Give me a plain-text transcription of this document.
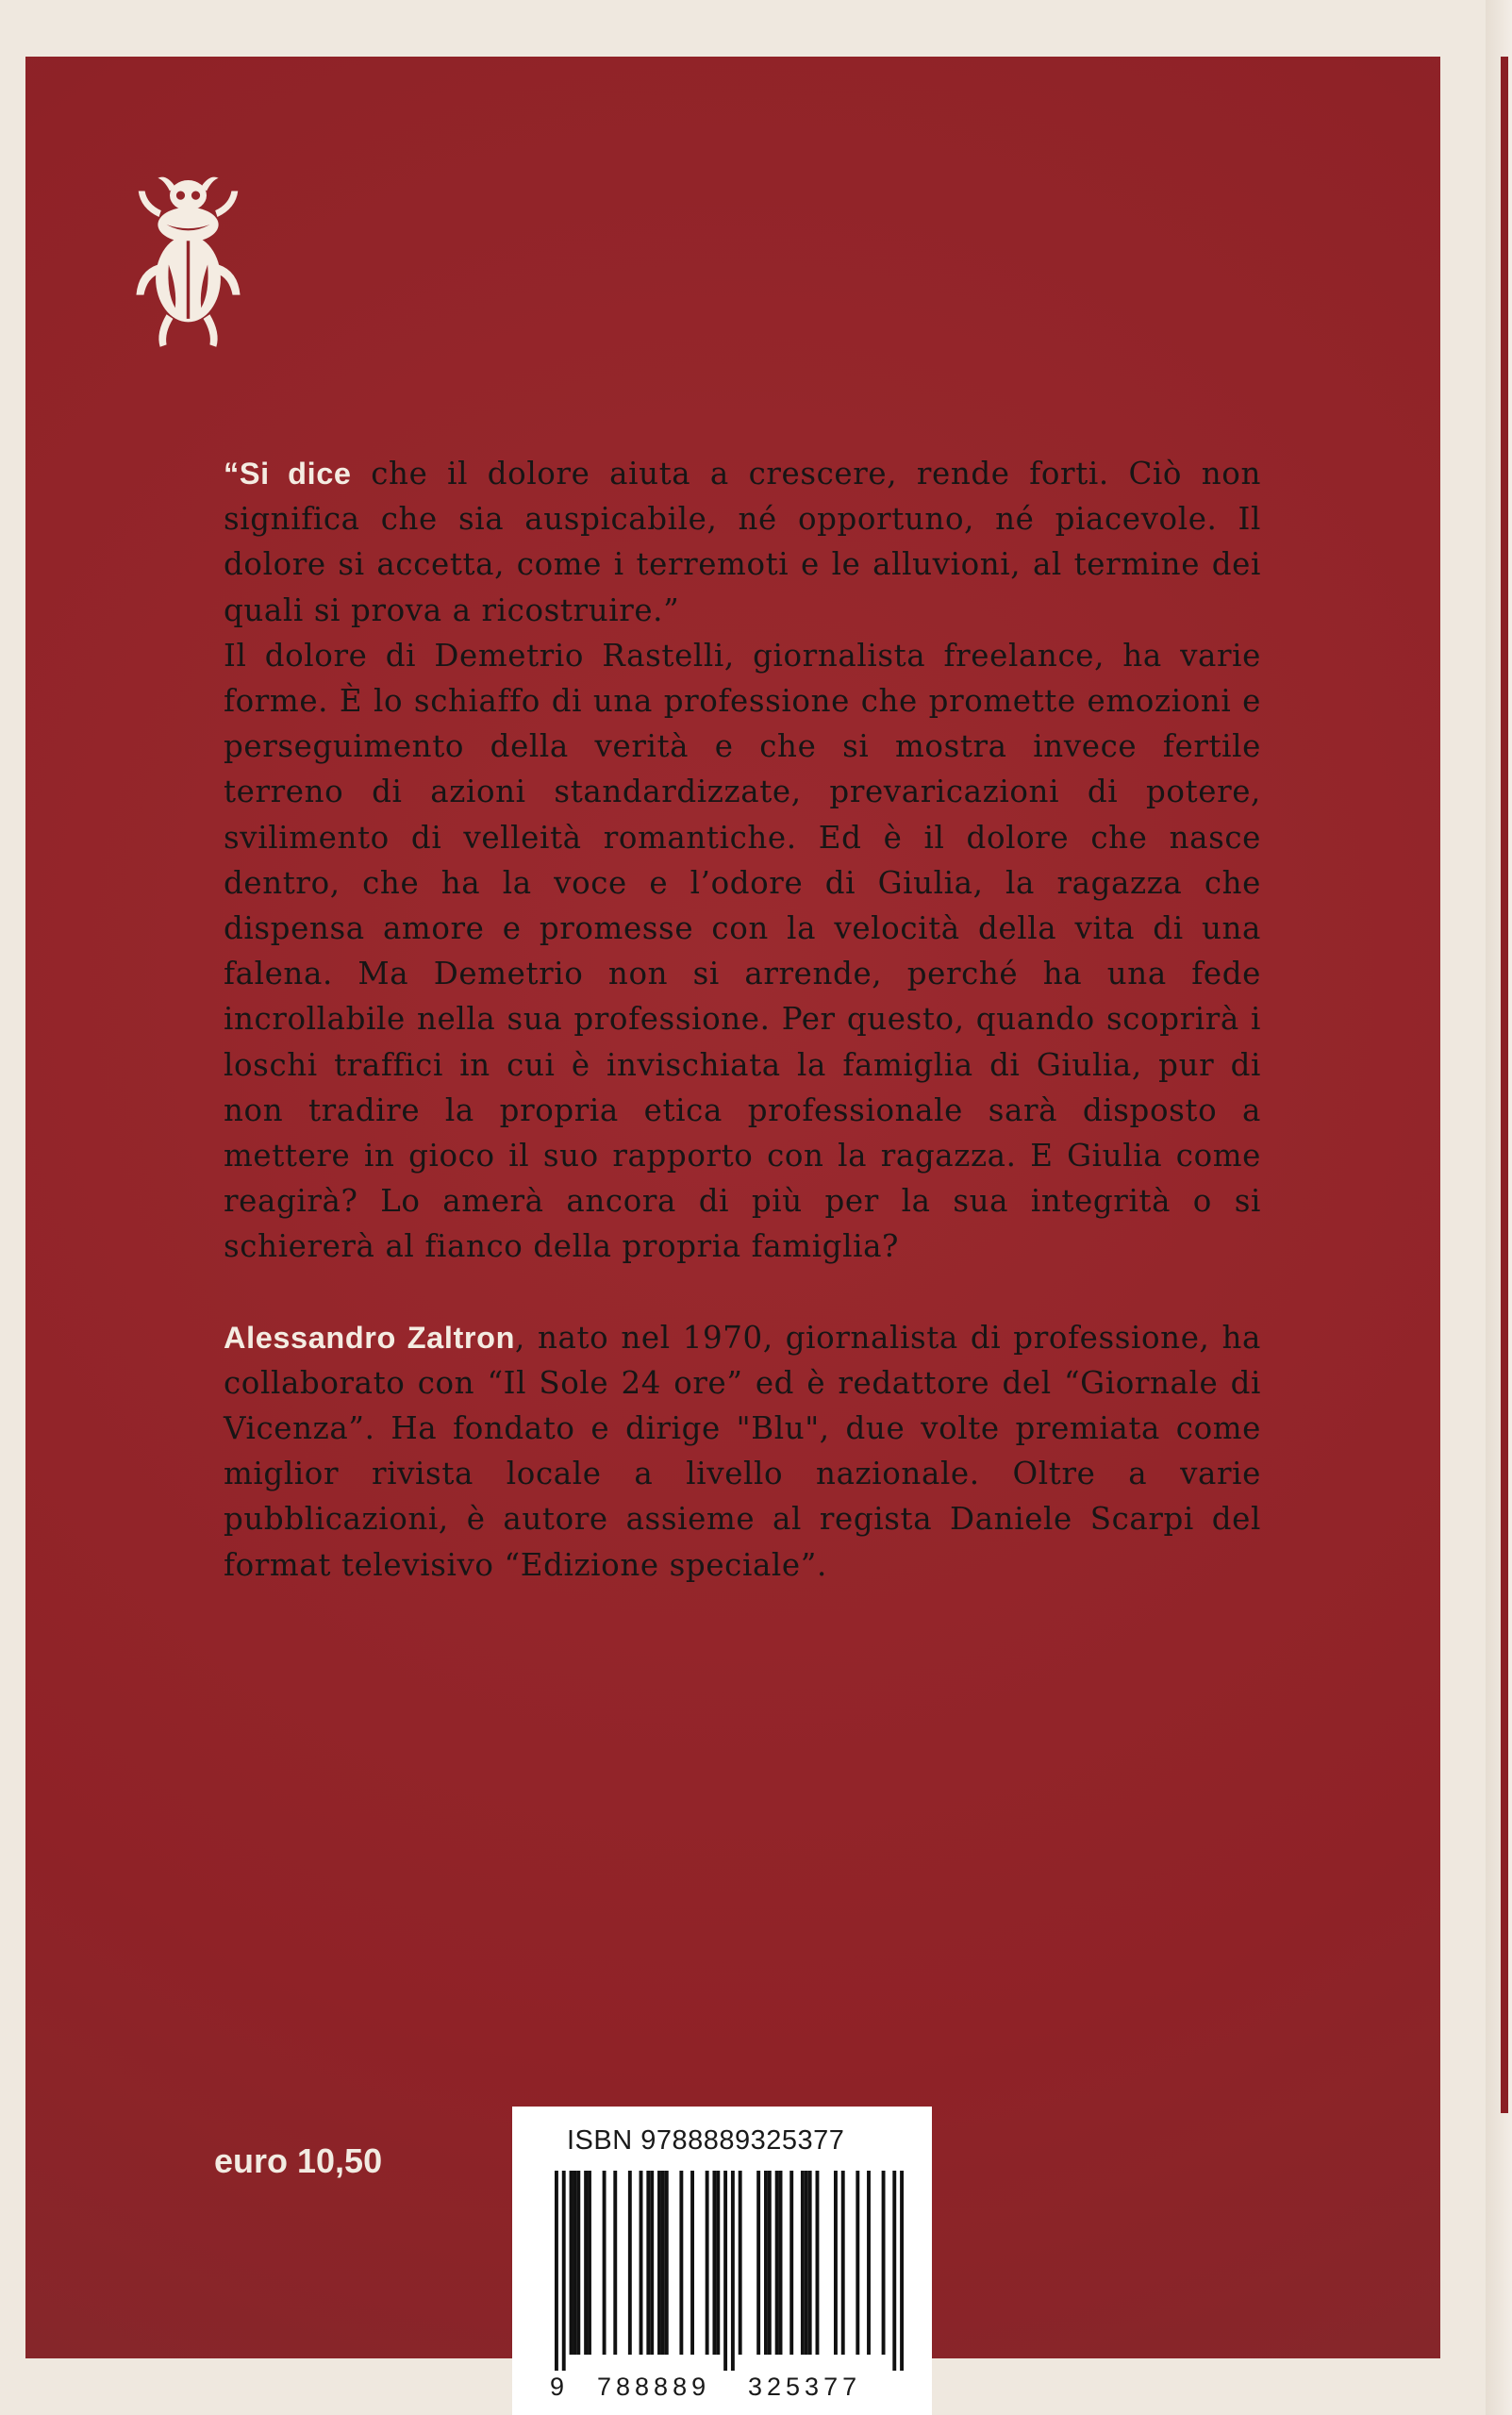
“Si dice che il dolore aiuta a crescere, rende forti. Ciò non significa che sia auspicabile, né opportuno, né piacevole. Il dolore si accetta, come i terremoti e le alluvioni, al termine dei quali si prova a ricostruire.”

Il dolore di Demetrio Rastelli, giornalista freelance, ha varie forme. È lo schiaffo di una professione che promette emozioni e perseguimento della verità e che si mostra invece fertile terreno di azioni standardizzate, prevaricazioni di potere, svilimento di velleità romantiche. Ed è il dolore che nasce dentro, che ha la voce e l’odore di Giulia, la ragazza che dispensa amore e promesse con la velocità della vita di una falena. Ma Demetrio non si arrende, perché ha una fede incrollabile nella sua professione. Per questo, quando scoprirà i loschi traffici in cui è invischiata la famiglia di Giulia, pur di non tradire la propria etica professionale sarà disposto a mettere in gioco il suo rapporto con la ragazza. E Giulia come reagirà? Lo amerà ancora di più per la sua integrità o si schiererà al fianco della propria famiglia?

Alessandro Zaltron, nato nel 1970, giornalista di professione, ha collaborato con “Il Sole 24 ore” ed è redattore del “Giornale di Vicenza”. Ha fondato e dirige "Blu", due volte premiata come miglior rivista locale a livello nazionale. Oltre a varie pubblicazioni, è autore assieme al regista Daniele Scarpi del format televisivo “Edizione speciale”.

euro 10,50
ISBN 9788889325377
9 788889 325377
